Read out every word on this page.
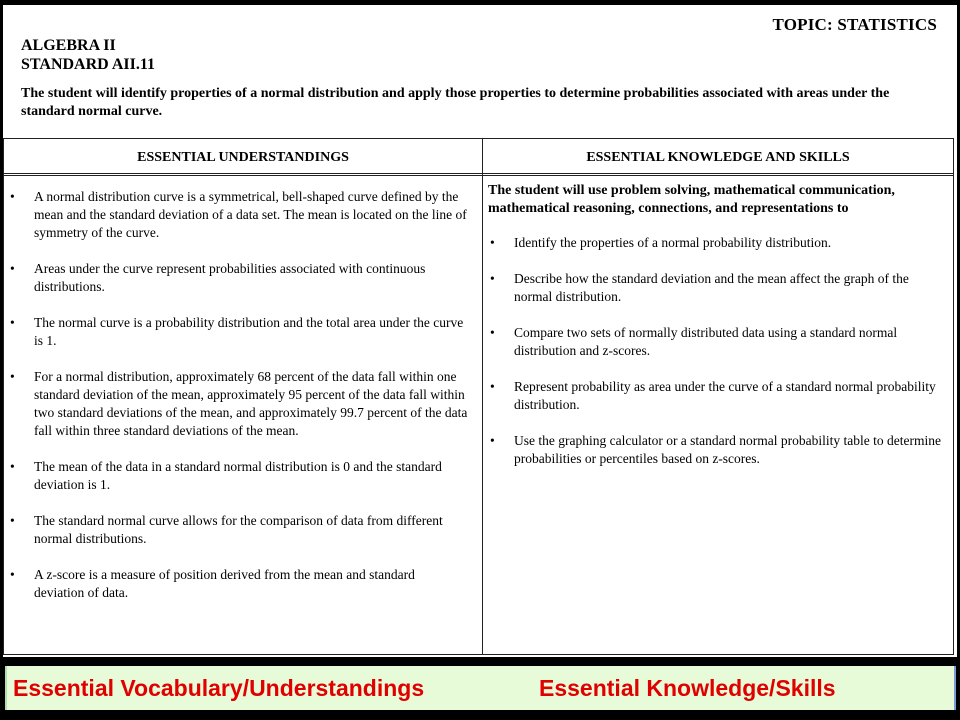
TOPIC: STATISTICS
ALGEBRA II
STANDARD AII.11
The student will identify properties of a normal distribution and apply those properties to determine probabilities associated with areas under the standard normal curve.
ESSENTIAL UNDERSTANDINGS	ESSENTIAL KNOWLEDGE AND SKILLS
•	A normal distribution curve is a symmetrical, bell-shaped curve defined by the mean and the standard deviation of a data set. The mean is located on the line of symmetry of the curve.
•	Areas under the curve represent probabilities associated with continuous distributions.
•	The normal curve is a probability distribution and the total area under the curve is 1.
•	For a normal distribution, approximately 68 percent of the data fall within one standard deviation of the mean, approximately 95 percent of the data fall within two standard deviations of the mean, and approximately 99.7 percent of the data fall within three standard deviations of the mean.
•	The mean of the data in a standard normal distribution is 0 and the standard deviation is 1.
•	The standard normal curve allows for the comparison of data from different normal distributions.
•	A z-score is a measure of position derived from the mean and standard deviation of data.
The student will use problem solving, mathematical communication, mathematical reasoning, connections, and representations to
•	Identify the properties of a normal probability distribution.
•	Describe how the standard deviation and the mean affect the graph of the normal distribution.
•	Compare two sets of normally distributed data using a standard normal distribution and z-scores.
•	Represent probability as area under the curve of a standard normal probability distribution.
•	Use the graphing calculator or a standard normal probability table to determine probabilities or percentiles based on z-scores.
Essential Vocabulary/Understandings	Essential Knowledge/Skills
